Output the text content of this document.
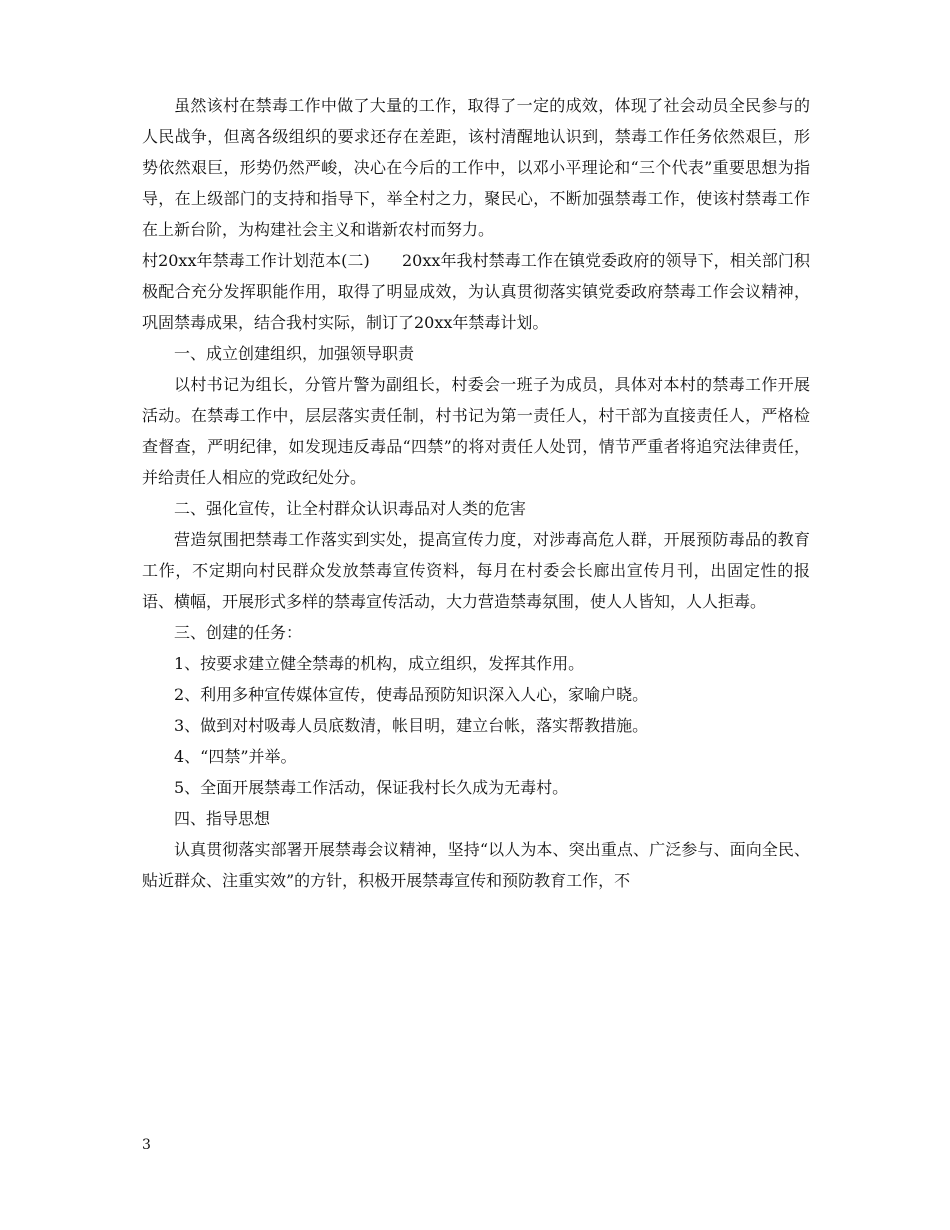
虽然该村在禁毒工作中做了大量的工作，取得了一定的成效，体现了社会动员全民参与的人民战争，但离各级组织的要求还存在差距，该村清醒地认识到，禁毒工作任务依然艰巨，形势依然艰巨，形势仍然严峻，决心在今后的工作中，以邓小平理论和“三个代表”重要思想为指导，在上级部门的支持和指导下，举全村之力，聚民心，不断加强禁毒工作，使该村禁毒工作在上新台阶，为构建社会主义和谐新农村而努力。

村20xx年禁毒工作计划范本(二)　　20xx年我村禁毒工作在镇党委政府的领导下，相关部门积极配合充分发挥职能作用，取得了明显成效，为认真贯彻落实镇党委政府禁毒工作会议精神，巩固禁毒成果，结合我村实际，制订了20xx年禁毒计划。

一、成立创建组织，加强领导职责

以村书记为组长，分管片警为副组长，村委会一班子为成员，具体对本村的禁毒工作开展活动。在禁毒工作中，层层落实责任制，村书记为第一责任人，村干部为直接责任人，严格检查督查，严明纪律，如发现违反毒品“四禁”的将对责任人处罚，情节严重者将追究法律责任，并给责任人相应的党政纪处分。

二、强化宣传，让全村群众认识毒品对人类的危害

营造氛围把禁毒工作落实到实处，提高宣传力度，对涉毒高危人群，开展预防毒品的教育工作，不定期向村民群众发放禁毒宣传资料，每月在村委会长廊出宣传月刊，出固定性的报语、横幅，开展形式多样的禁毒宣传活动，大力营造禁毒氛围，使人人皆知，人人拒毒。

三、创建的任务：

1、按要求建立健全禁毒的机构，成立组织，发挥其作用。

2、利用多种宣传媒体宣传，使毒品预防知识深入人心，家喻户晓。

3、做到对村吸毒人员底数清，帐目明，建立台帐，落实帮教措施。

4、“四禁”并举。

5、全面开展禁毒工作活动，保证我村长久成为无毒村。

四、指导思想

认真贯彻落实部署开展禁毒会议精神，坚持“以人为本、突出重点、广泛参与、面向全民、贴近群众、注重实效”的方针，积极开展禁毒宣传和预防教育工作，不

3
